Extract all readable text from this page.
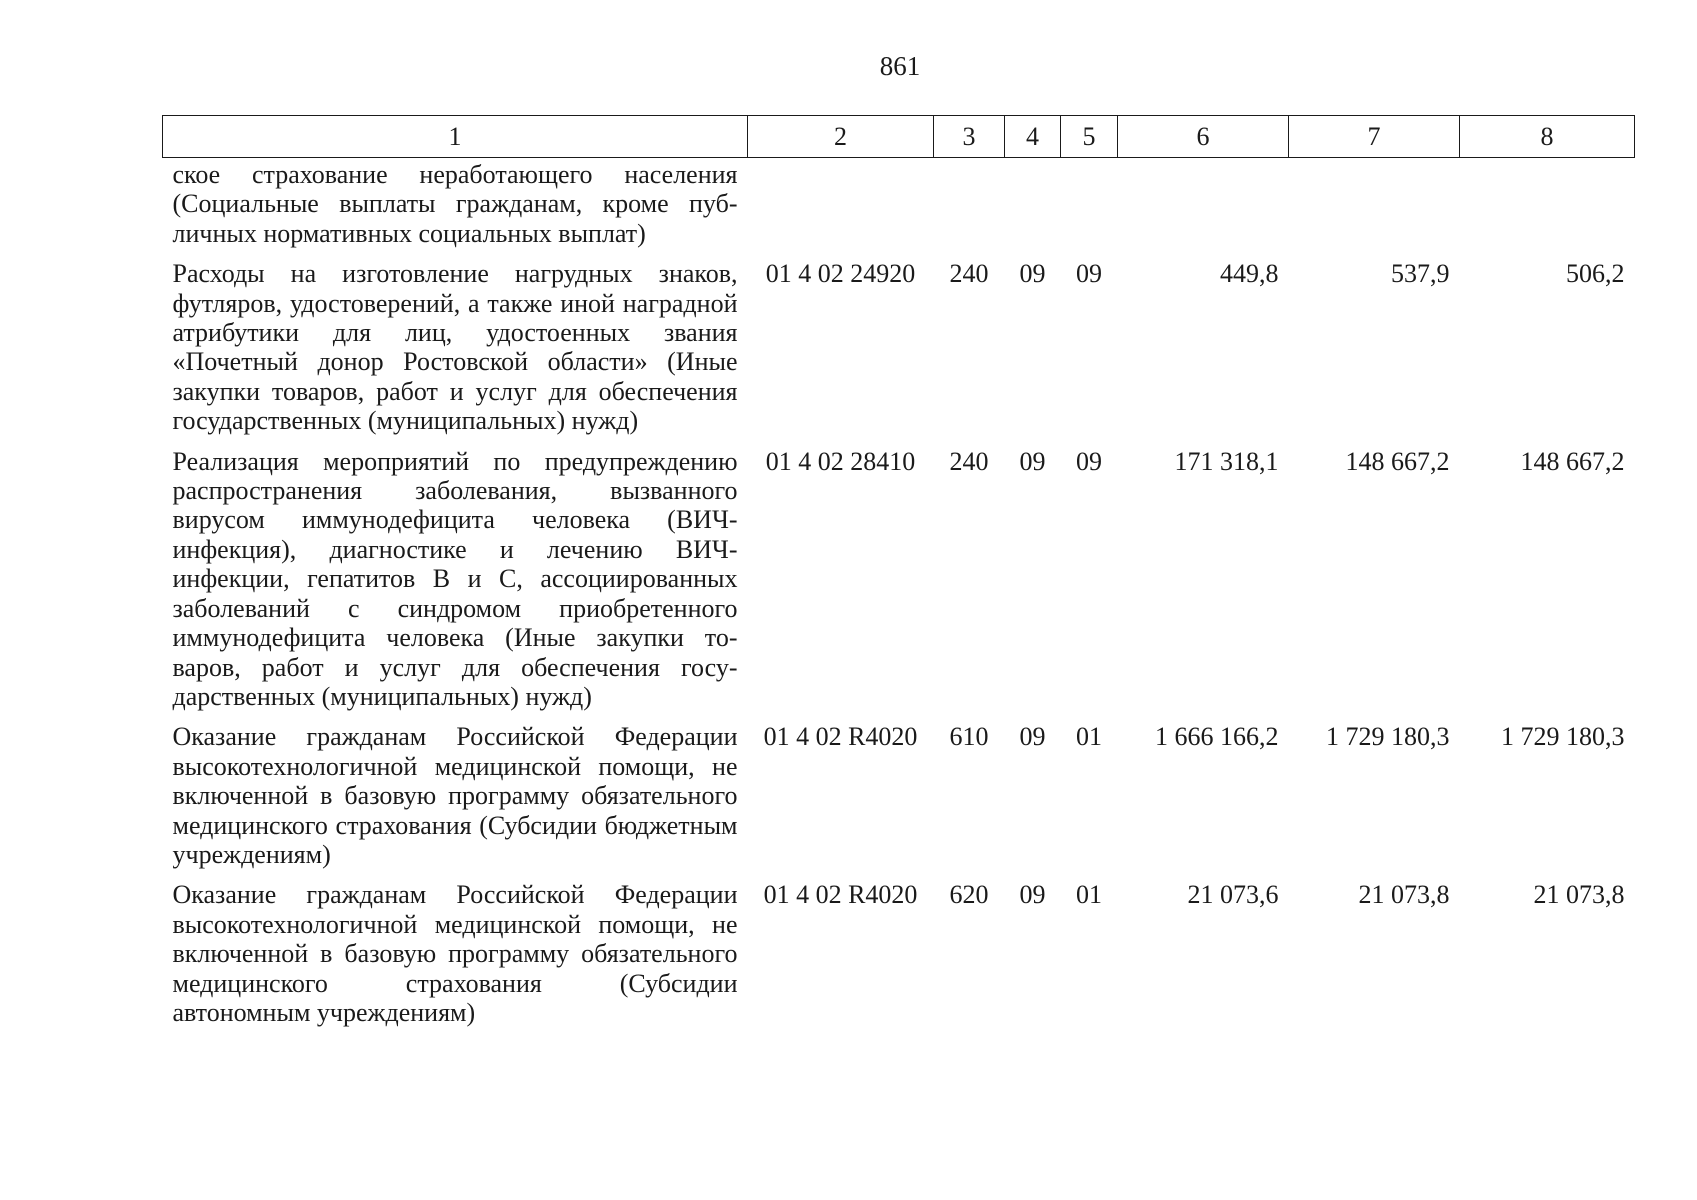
861
1	2	3	4	5	6	7	8
ское страхование неработающего населения (Социальные выплаты гражданам, кроме публичных нормативных социальных выплат)							
Расходы на изготовление нагрудных знаков, футляров, удостоверений, а также иной наградной атрибутики для лиц, удостоенных звания «Почетный донор Ростовской области» (Иные закупки товаров, работ и услуг для обеспечения государственных (муниципальных) нужд)	01 4 02 24920	240	09	09	449,8	537,9	506,2
Реализация мероприятий по предупреждению распространения заболевания, вызванного вирусом иммунодефицита человека (ВИЧ-инфекция), диагностике и лечению ВИЧ-инфекции, гепатитов В и С, ассоциированных заболеваний с синдромом приобретенного иммунодефицита человека (Иные закупки товаров, работ и услуг для обеспечения государственных (муниципальных) нужд)	01 4 02 28410	240	09	09	171 318,1	148 667,2	148 667,2
Оказание гражданам Российской Федерации высокотехнологичной медицинской помощи, не включенной в базовую программу обязательного медицинского страхования (Субсидии бюджетным учреждениям)	01 4 02 R4020	610	09	01	1 666 166,2	1 729 180,3	1 729 180,3
Оказание гражданам Российской Федерации высокотехнологичной медицинской помощи, не включенной в базовую программу обязательного медицинского страхования (Субсидии автономным учреждениям)	01 4 02 R4020	620	09	01	21 073,6	21 073,8	21 073,8
